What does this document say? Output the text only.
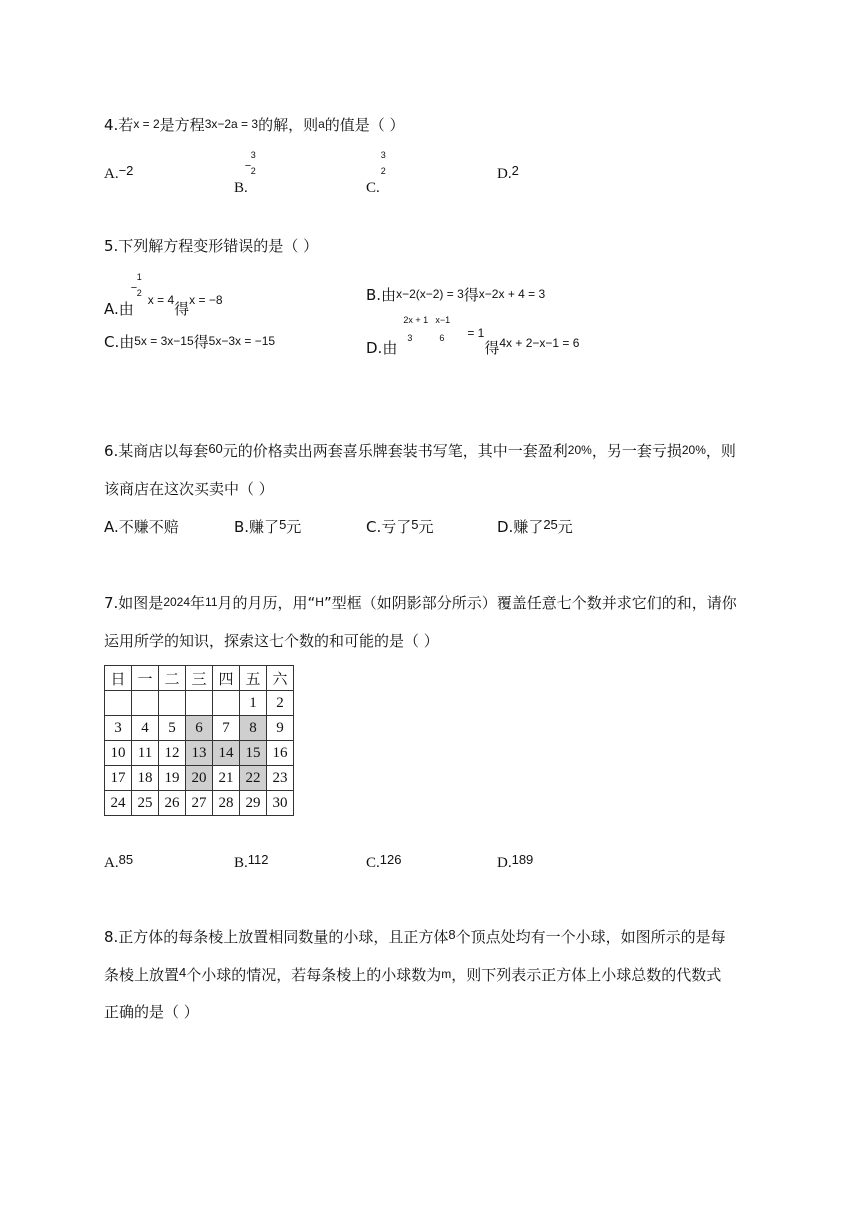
4.若x = 2是方程3x−2a = 3的解，则a的值是（ ）
A.−2
B.
−
3
2
C.
3
2	D.2
5.下列解方程变形错误的是（ ）
A.由
−
1
2 $_{x = 4}$得$_{x = -8}$	B.由x−2(x−2) = 3得x−2x + 4 = 3
C.由5x = 3x−15得5x−3x = −15	D.由
2x + 1 x−1
3	6 $^{= 1}$得$_{4x + 2-x-1 = 6}$
6.某商店以每套60元的价格卖出两套喜乐牌套装书写笔，其中一套盈利20%，另一套亏损20%，则
该商店在这次买卖中（ ）
A.不赚不赔	B.赚了5元	C.亏了5元	D.赚了25元
7.如图是2024年11月的月历，用“H”型框（如阴影部分所示）覆盖任意七个数并求它们的和，请你
运用所学的知识，探索这七个数的和可能的是（ ）
日	一	二	三	四	五	六
					1	2
3	4	5	6	7	8	9
10	11	12	13	14	15	16
17	18	19	20	21	22	23
24	25	26	27	28	29	30
A.85	B.112	C.126	D.189
8.正方体的每条棱上放置相同数量的小球，且正方体8个顶点处均有一个小球，如图所示的是每
条棱上放置4个小球的情况，若每条棱上的小球数为m，则下列表示正方体上小球总数的代数式
正确的是（ ）
